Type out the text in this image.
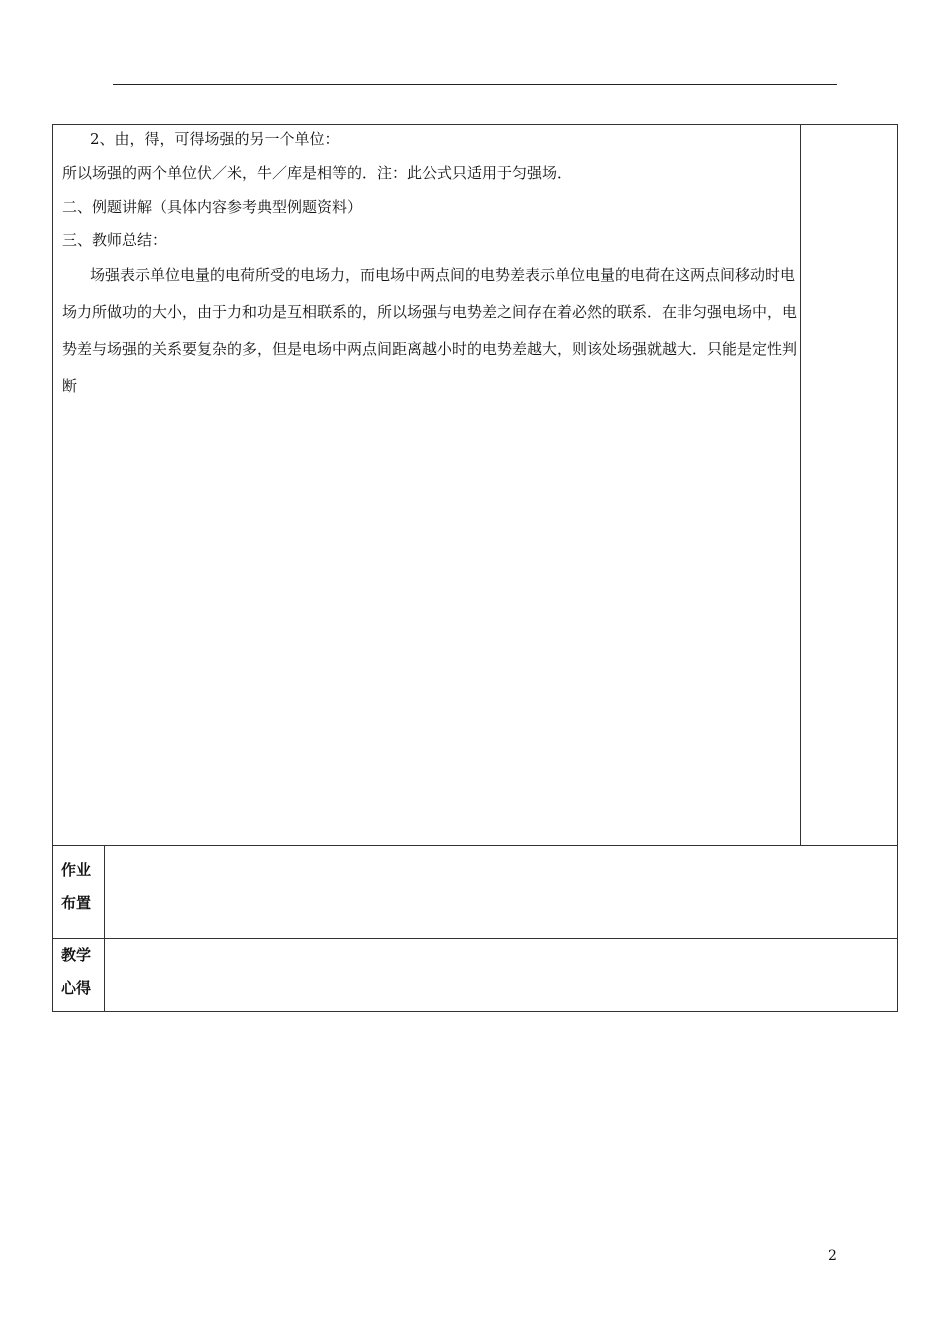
2、由，得，可得场强的另一个单位：
所以场强的两个单位伏／米，牛／库是相等的．注：此公式只适用于匀强场．
二、例题讲解（具体内容参考典型例题资料）
三、教师总结：
场强表示单位电量的电荷所受的电场力，而电场中两点间的电势差表示单位电量的电荷在这两点间移动时电场力所做功的大小，由于力和功是互相联系的，所以场强与电势差之间存在着必然的联系．在非匀强电场中，电势差与场强的关系要复杂的多，但是电场中两点间距离越小时的电势差越大，则该处场强就越大．只能是定性判断
作业
布置
教学
心得
2
